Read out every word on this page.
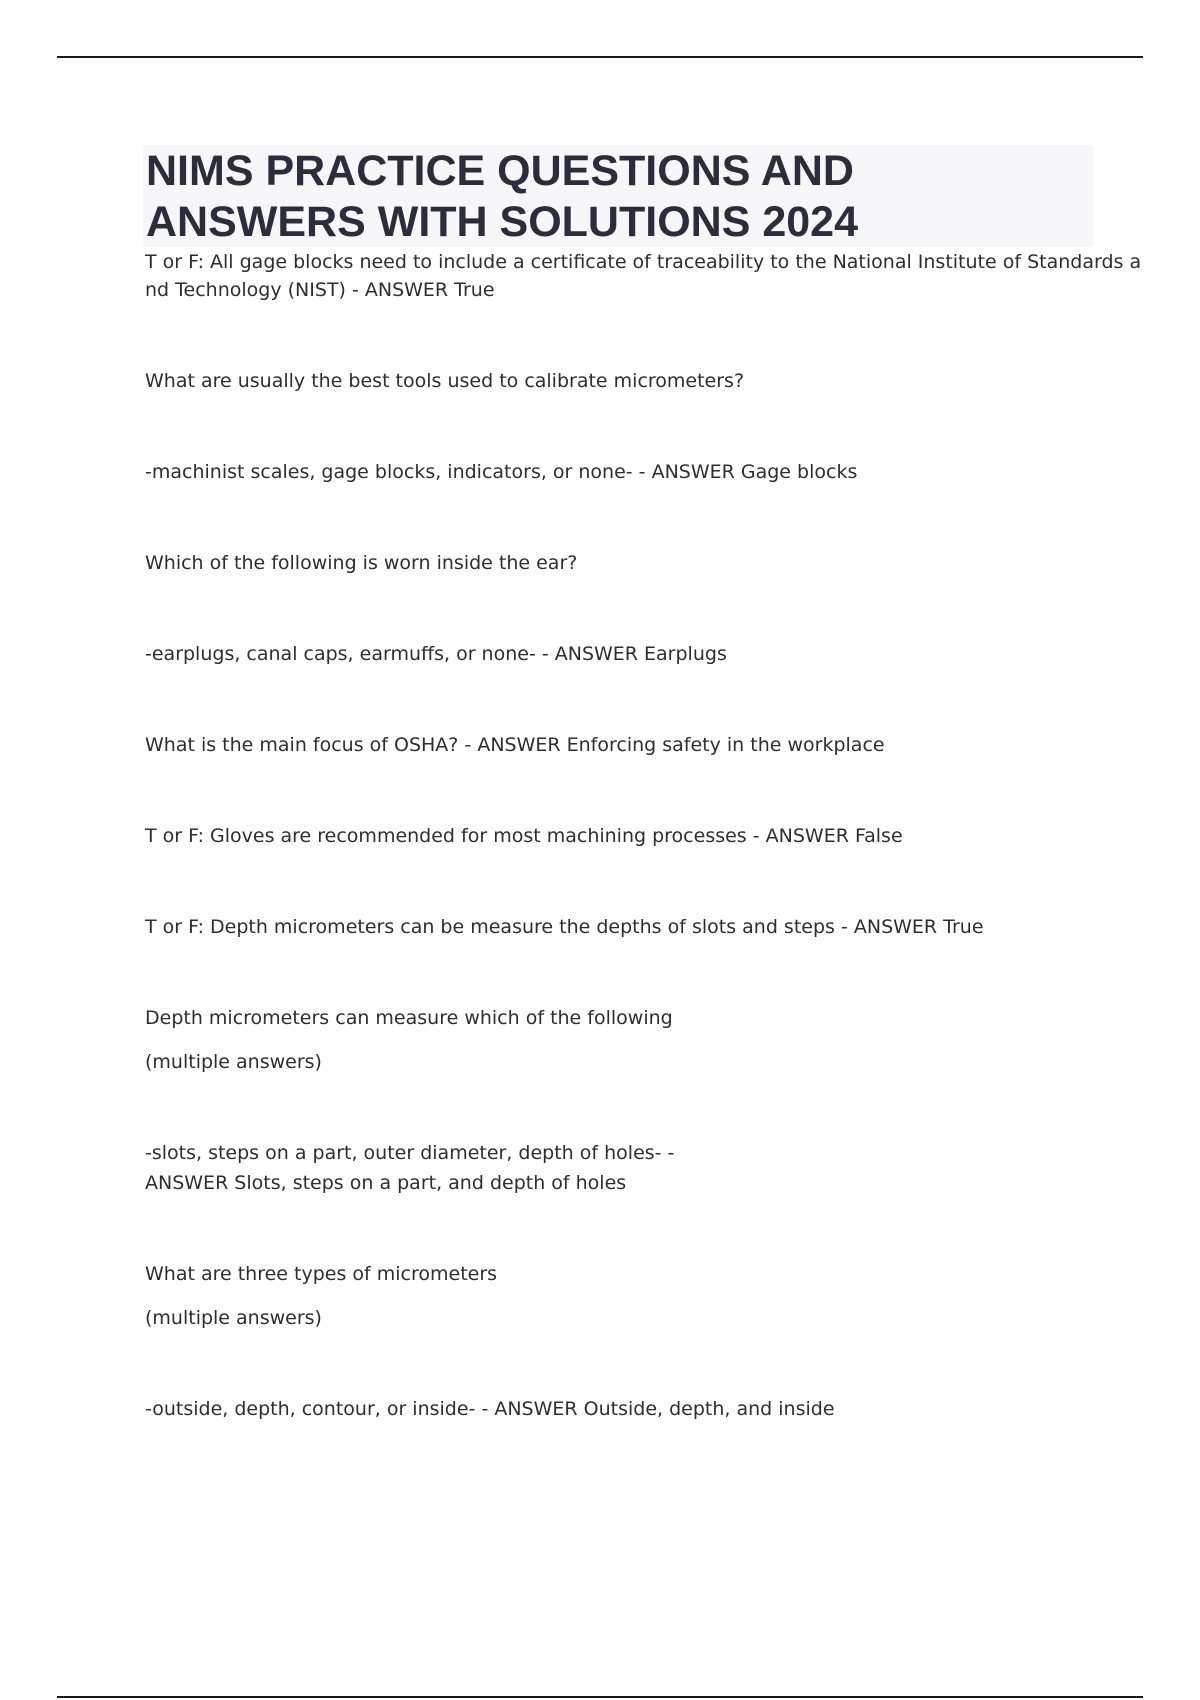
NIMS PRACTICE QUESTIONS AND
ANSWERS WITH SOLUTIONS 2024

T or F: All gage blocks need to include a certificate of traceability to the National Institute of Standards a

nd Technology (NIST) - ANSWER True

What are usually the best tools used to calibrate micrometers?

-machinist scales, gage blocks, indicators, or none- - ANSWER Gage blocks

Which of the following is worn inside the ear?

-earplugs, canal caps, earmuffs, or none- - ANSWER Earplugs

What is the main focus of OSHA? - ANSWER Enforcing safety in the workplace

T or F: Gloves are recommended for most machining processes - ANSWER False

T or F: Depth micrometers can be measure the depths of slots and steps - ANSWER True

Depth micrometers can measure which of the following

(multiple answers)

-slots, steps on a part, outer diameter, depth of holes- -

ANSWER Slots, steps on a part, and depth of holes

What are three types of micrometers

(multiple answers)

-outside, depth, contour, or inside- - ANSWER Outside, depth, and inside
